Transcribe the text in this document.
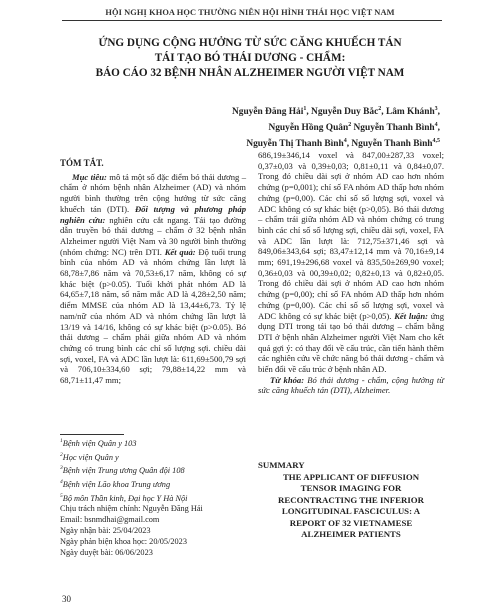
HỘI NGHỊ KHOA HỌC THƯỜNG NIÊN HỘI HÌNH THÁI HỌC VIỆT NAM
ỨNG DỤNG CỘNG HƯỞNG TỪ SỨC CĂNG KHUẾCH TÁN
TÁI TẠO BÓ THÁI DƯƠNG - CHẨM:
BÁO CÁO 32 BỆNH NHÂN ALZHEIMER NGƯỜI VIỆT NAM
Nguyễn Đăng Hải$^1$, Nguyễn Duy Bắc$^2$, Lâm Khánh$^3$,
Nguyễn Hồng Quân$^2$ Nguyễn Thanh Bình$^4$,
Nguyễn Thị Thanh Bình$^4$, Nguyễn Thanh Bình$^{4,5}$
TÓM TẮT.

Mục tiêu: mô tả một số đặc điểm bó thái dương – chẩm ở nhóm bệnh nhân Alzheimer (AD) và nhóm người bình thường trên cộng hưởng từ sức căng khuếch tán (DTI). Đối tượng và phương pháp nghiên cứu: nghiên cứu cắt ngang. Tái tạo đường dẫn truyền bó thái dương – chẩm ở 32 bệnh nhân Alzheimer người Việt Nam và 30 người bình thường (nhóm chứng: NC) trên DTI. Kết quả: Độ tuổi trung bình của nhóm AD và nhóm chứng lần lượt là 68,78±7,86 năm và 70,53±6,17 năm, không có sự khác biệt (p>0.05). Tuổi khởi phát nhóm AD là 64,65±7,18 năm, số năm mắc AD là 4,28±2,50 năm; điểm MMSE của nhóm AD là 13,44±6,73. Tỷ lệ nam/nữ của nhóm AD và nhóm chứng lần lượt là 13/19 và 14/16, không có sự khác biệt (p>0.05). Bó thái dương – chẩm phải giữa nhóm AD và nhóm chứng có trung bình các chỉ số lượng sợi. chiều dài sợi, voxel, FA và ADC lần lượt là: 611,69±500,79 sợi và 706,10±334,60 sợi; 79,88±14,22 mm và 68,71±11,47 mm;

686,19±346,14 voxel và 847,00±287,33 voxel; 0,37±0,03 và 0,39±0,03; 0,81±0,11 và 0,84±0,07. Trong đó chiều dài sợi ở nhóm AD cao hơn nhóm chứng (p=0,001); chỉ số FA nhóm AD thấp hơn nhóm chứng (p=0,00). Các chỉ số số lượng sợi, voxel và ADC không có sự khác biệt (p>0,05). Bó thái dương – chẩm trái giữa nhóm AD và nhóm chứng có trung bình các chỉ số số lượng sợi, chiều dài sợi, voxel, FA và ADC lần lượt là: 712,75±371,46 sợi và 849,06±343,64 sợi; 83,47±12,14 mm và 70,16±9,14 mm; 691,19±296,68 voxel và 835,50±269,90 voxel; 0,36±0,03 và 00,39±0,02; 0,82±0,13 và 0,82±0,05. Trong đó chiều dài sợi ở nhóm AD cao hơn nhóm chứng (p=0,00); chỉ số FA nhóm AD thấp hơn nhóm chứng (p=0,00). Các chỉ số số lượng sợi, voxel và ADC không có sự khác biệt (p>0,05). Kết luận: ứng dụng DTI trong tái tạo bó thái dương – chẩm bằng DTI ở bệnh nhân Alzheimer người Việt Nam cho kết quả gợi ý: có thay đổi về cấu trúc, cần tiến hành thêm các nghiên cứu về chức năng bó thái dương - chẩm và biến đổi về cấu trúc ở bệnh nhân AD.

Từ khóa: Bó thái dương - chẩm, cộng hưởng từ sức căng khuếch tán (DTI), Alzheimer.

$^1$Bệnh viện Quân y 103
$^2$Học viện Quân y
$^3$Bệnh viện Trung ương Quân đội 108
$^4$Bệnh viện Lão khoa Trung ương
$^5$Bộ môn Thần kinh, Đại học Y Hà Nội
Chịu trách nhiệm chính: Nguyễn Đăng Hải
Email: bsnmdhai@gmail.com
Ngày nhận bài: 25/04/2023
Ngày phản biện khoa học: 20/05/2023
Ngày duyệt bài: 06/06/2023
SUMMARY
THE APPLICANT OF DIFFUSION
TENSOR IMAGING FOR
RECONTRACTING THE INFERIOR
LONGITUDINAL FASCICULUS: A
REPORT OF 32 VIETNAMESE
ALZHEIMER PATIENTS
30
